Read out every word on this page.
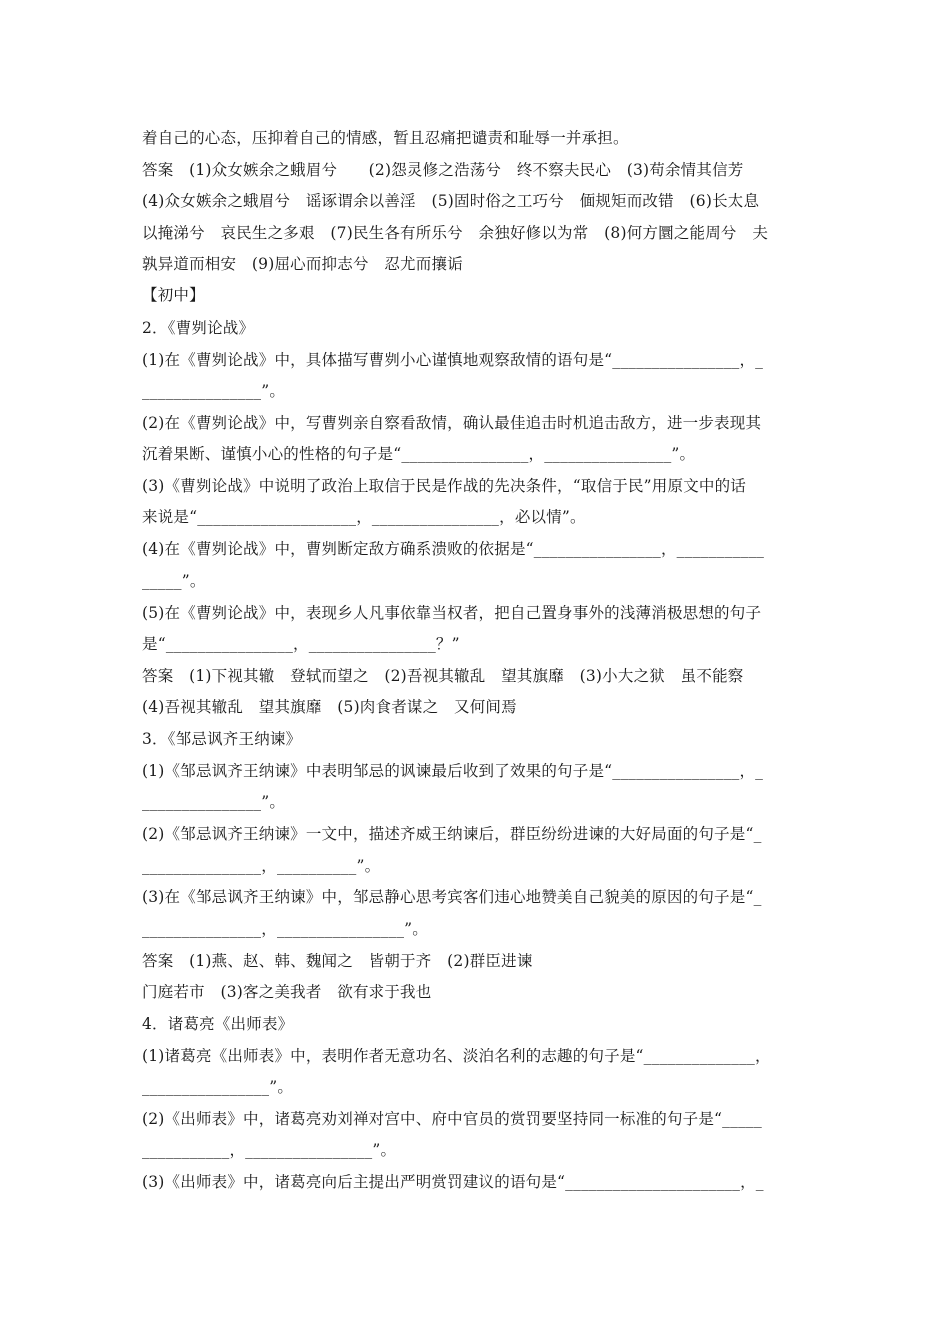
着自己的心态，压抑着自己的情感，暂且忍痛把谴责和耻辱一并承担。
答案　(1)众女嫉余之蛾眉兮　　(2)怨灵修之浩荡兮　终不察夫民心　(3)苟余情其信芳
(4)众女嫉余之蛾眉兮　谣诼谓余以善淫　(5)固时俗之工巧兮　偭规矩而改错　(6)长太息
以掩涕兮　哀民生之多艰　(7)民生各有所乐兮　余独好修以为常　(8)何方圜之能周兮　夫
孰异道而相安　(9)屈心而抑志兮　忍尤而攘诟
【初中】
2．《曹刿论战》
(1)在《曹刿论战》中，具体描写曹刿小心谨慎地观察敌情的语句是“________________，_
_______________”。
(2)在《曹刿论战》中，写曹刿亲自察看敌情，确认最佳追击时机追击敌方，进一步表现其
沉着果断、谨慎小心的性格的句子是“________________，________________”。
(3)《曹刿论战》中说明了政治上取信于民是作战的先决条件，“取信于民”用原文中的话
来说是“____________________，________________，必以情”。
(4)在《曹刿论战》中，曹刿断定敌方确系溃败的依据是“________________，___________
_____”。
(5)在《曹刿论战》中，表现乡人凡事依靠当权者，把自己置身事外的浅薄消极思想的句子
是“________________，________________？”
答案　(1)下视其辙　登轼而望之　(2)吾视其辙乱　望其旗靡　(3)小大之狱　虽不能察
(4)吾视其辙乱　望其旗靡　(5)肉食者谋之　又何间焉
3．《邹忌讽齐王纳谏》
(1)《邹忌讽齐王纳谏》中表明邹忌的讽谏最后收到了效果的句子是“________________，_
_______________”。
(2)《邹忌讽齐王纳谏》一文中，描述齐威王纳谏后，群臣纷纷进谏的大好局面的句子是“_
_______________，__________”。
(3)在《邹忌讽齐王纳谏》中，邹忌静心思考宾客们违心地赞美自己貌美的原因的句子是“_
_______________，________________”。
答案　(1)燕、赵、韩、魏闻之　皆朝于齐　(2)群臣进谏
门庭若市　(3)客之美我者　欲有求于我也
4．诸葛亮《出师表》
(1)诸葛亮《出师表》中，表明作者无意功名、淡泊名利的志趣的句子是“______________，
________________”。
(2)《出师表》中，诸葛亮劝刘禅对宫中、府中官员的赏罚要坚持同一标准的句子是“_____
___________，________________”。
(3)《出师表》中，诸葛亮向后主提出严明赏罚建议的语句是“______________________，_
